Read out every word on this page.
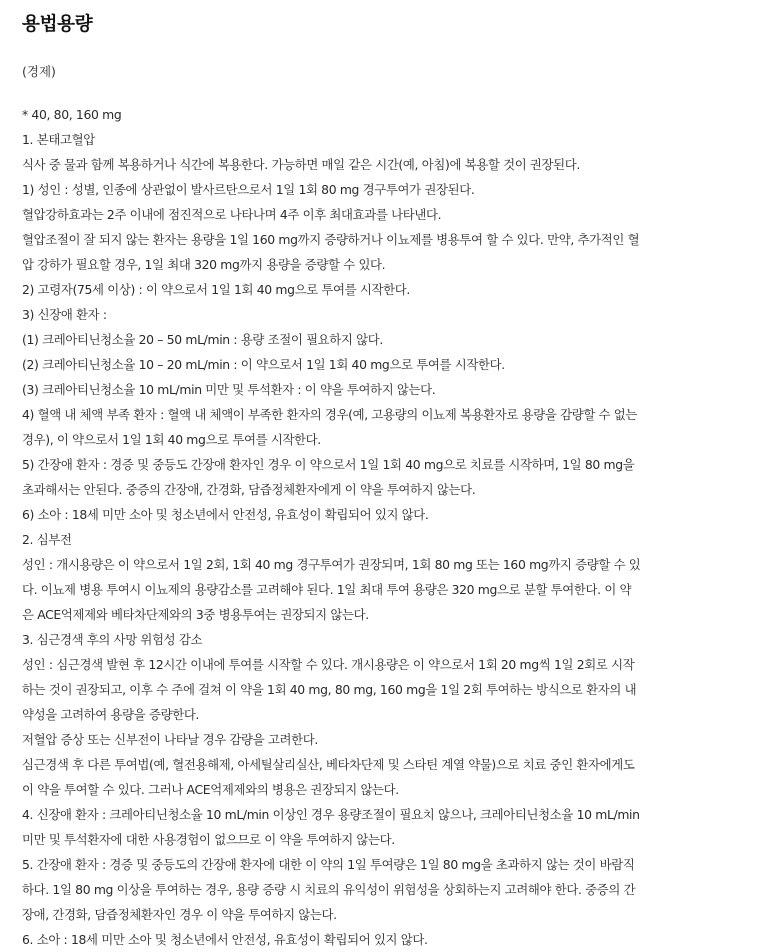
용법용량
(경제)
* 40, 80, 160 mg
1. 본태고혈압
식사 중 물과 함께 복용하거나 식간에 복용한다. 가능하면 매일 같은 시간(예, 아침)에 복용할 것이 권장된다.
1) 성인 : 성별, 인종에 상관없이 발사르탄으로서 1일 1회 80 mg 경구투여가 권장된다.
혈압강하효과는 2주 이내에 점진적으로 나타나며 4주 이후 최대효과를 나타낸다.
혈압조절이 잘 되지 않는 환자는 용량을 1일 160 mg까지 증량하거나 이뇨제를 병용투여 할 수 있다. 만약, 추가적인 혈
압 강하가 필요할 경우, 1일 최대 320 mg까지 용량을 증량할 수 있다.
2) 고령자(75세 이상) : 이 약으로서 1일 1회 40 mg으로 투여를 시작한다.
3) 신장애 환자 :
(1) 크레아티닌청소율 20 – 50 mL/min : 용량 조절이 필요하지 않다.
(2) 크레아티닌청소율 10 – 20 mL/min : 이 약으로서 1일 1회 40 mg으로 투여를 시작한다.
(3) 크레아티닌청소율 10 mL/min 미만 및 투석환자 : 이 약을 투여하지 않는다.
4) 혈액 내 체액 부족 환자 : 혈액 내 체액이 부족한 환자의 경우(예, 고용량의 이뇨제 복용환자로 용량을 감량할 수 없는
경우), 이 약으로서 1일 1회 40 mg으로 투여를 시작한다.
5) 간장애 환자 : 경증 및 중등도 간장애 환자인 경우 이 약으로서 1일 1회 40 mg으로 치료를 시작하며, 1일 80 mg을
초과해서는 안된다. 중증의 간장애, 간경화, 담즙정체환자에게 이 약을 투여하지 않는다.
6) 소아 : 18세 미만 소아 및 청소년에서 안전성, 유효성이 확립되어 있지 않다.
2. 심부전
성인 : 개시용량은 이 약으로서 1일 2회, 1회 40 mg 경구투여가 권장되며, 1회 80 mg 또는 160 mg까지 증량할 수 있
다. 이뇨제 병용 투여시 이뇨제의 용량감소를 고려해야 된다. 1일 최대 투여 용량은 320 mg으로 분할 투여한다. 이 약
은 ACE억제제와 베타차단제와의 3중 병용투여는 권장되지 않는다.
3. 심근경색 후의 사망 위험성 감소
성인 : 심근경색 발현 후 12시간 이내에 투여를 시작할 수 있다. 개시용량은 이 약으로서 1회 20 mg씩 1일 2회로 시작
하는 것이 권장되고, 이후 수 주에 걸쳐 이 약을 1회 40 mg, 80 mg, 160 mg을 1일 2회 투여하는 방식으로 환자의 내
약성을 고려하여 용량을 증량한다.
저혈압 증상 또는 신부전이 나타날 경우 감량을 고려한다.
심근경색 후 다른 투여법(예, 혈전용해제, 아세틸살리실산, 베타차단제 및 스타틴 계열 약물)으로 치료 중인 환자에게도
이 약을 투여할 수 있다. 그러나 ACE억제제와의 병용은 권장되지 않는다.
4. 신장애 환자 : 크레아티닌청소율 10 mL/min 이상인 경우 용량조절이 필요치 않으나, 크레아티닌청소율 10 mL/min
미만 및 투석환자에 대한 사용경험이 없으므로 이 약을 투여하지 않는다.
5. 간장애 환자 : 경증 및 중등도의 간장애 환자에 대한 이 약의 1일 투여량은 1일 80 mg을 초과하지 않는 것이 바람직
하다. 1일 80 mg 이상을 투여하는 경우, 용량 증량 시 치료의 유익성이 위험성을 상회하는지 고려해야 한다. 중증의 간
장애, 간경화, 담즙정체환자인 경우 이 약을 투여하지 않는다.
6. 소아 : 18세 미만 소아 및 청소년에서 안전성, 유효성이 확립되어 있지 않다.
